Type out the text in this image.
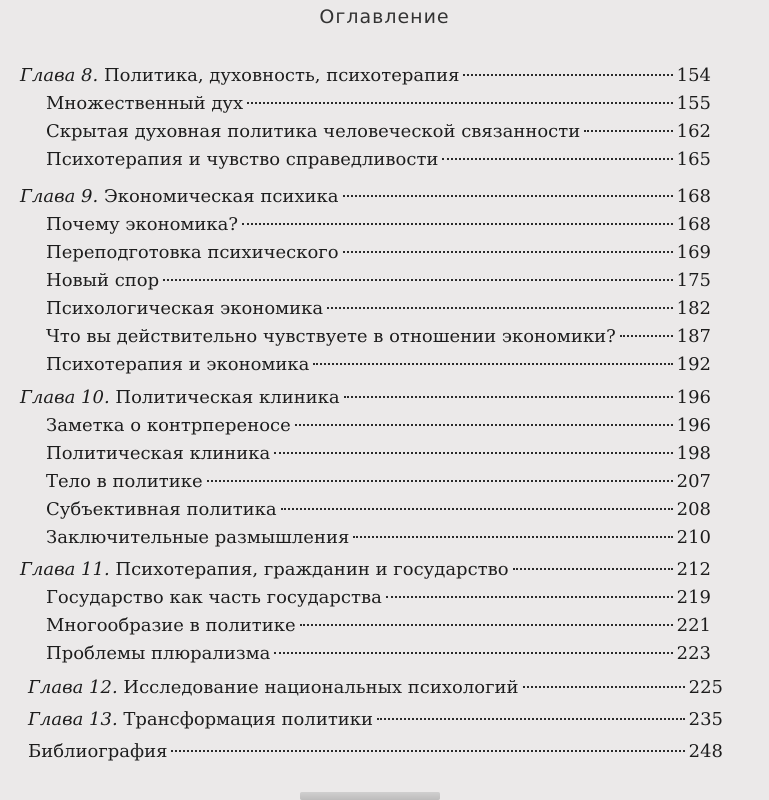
Оглавление
Глава 8. Политика, духовность, психотерапия	154
Множественный дух	155
Скрытая духовная политика человеческой связанности	162
Психотерапия и чувство справедливости	165
Глава 9. Экономическая психика	168
Почему экономика?	168
Переподготовка психического	169
Новый спор	175
Психологическая экономика	182
Что вы действительно чувствуете в отношении экономики?	187
Психотерапия и экономика	192
Глава 10. Политическая клиника	196
Заметка о контрпереносе	196
Политическая клиника	198
Тело в политике	207
Субъективная политика	208
Заключительные размышления	210
Глава 11. Психотерапия, гражданин и государство	212
Государство как часть государства	219
Многообразие в политике	221
Проблемы плюрализма	223
Глава 12. Исследование национальных психологий	225
Глава 13. Трансформация политики	235
Библиография	248
